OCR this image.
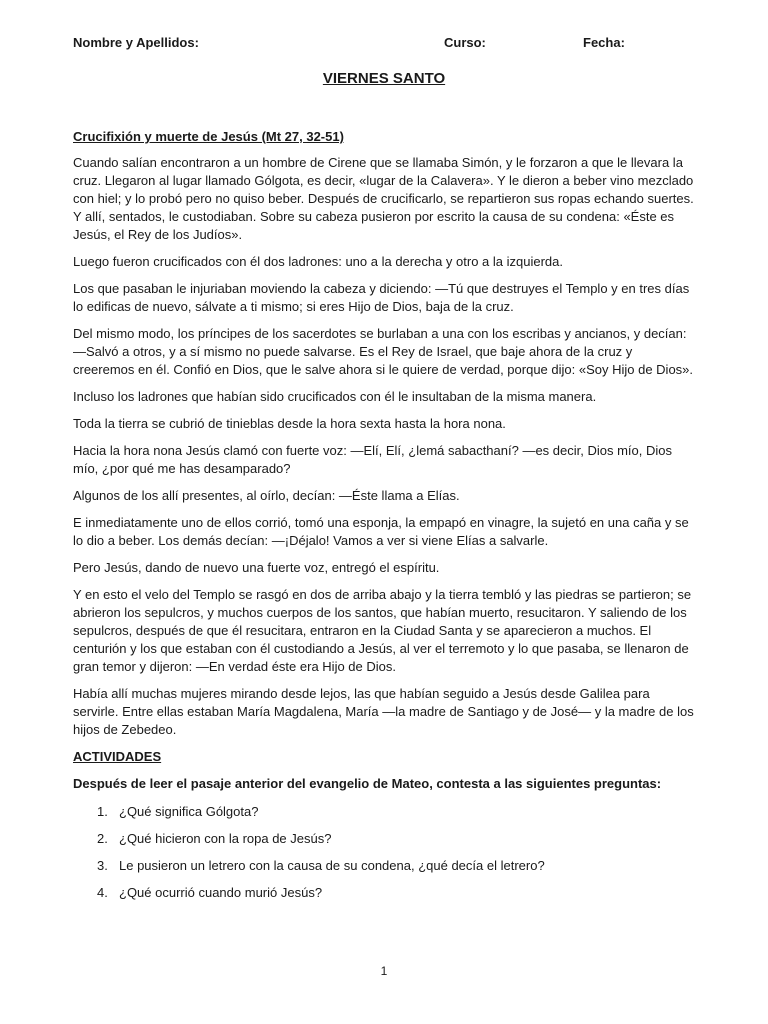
Nombre y Apellidos:	Curso:	Fecha:
VIERNES SANTO
Crucifixión y muerte de Jesús (Mt 27, 32-51)

Cuando salían encontraron a un hombre de Cirene que se llamaba Simón, y le forzaron a que le llevara la cruz. Llegaron al lugar llamado Gólgota, es decir, «lugar de la Calavera». Y le dieron a beber vino mezclado con hiel; y lo probó pero no quiso beber. Después de crucificarlo, se repartieron sus ropas echando suertes. Y allí, sentados, le custodiaban. Sobre su cabeza pusieron por escrito la causa de su condena: «Éste es Jesús, el Rey de los Judíos».

Luego fueron crucificados con él dos ladrones: uno a la derecha y otro a la izquierda.

Los que pasaban le injuriaban moviendo la cabeza y diciendo: —Tú que destruyes el Templo y en tres días lo edificas de nuevo, sálvate a ti mismo; si eres Hijo de Dios, baja de la cruz.

Del mismo modo, los príncipes de los sacerdotes se burlaban a una con los escribas y ancianos, y decían: —Salvó a otros, y a sí mismo no puede salvarse. Es el Rey de Israel, que baje ahora de la cruz y creeremos en él. Confió en Dios, que le salve ahora si le quiere de verdad, porque dijo: «Soy Hijo de Dios».

Incluso los ladrones que habían sido crucificados con él le insultaban de la misma manera.

Toda la tierra se cubrió de tinieblas desde la hora sexta hasta la hora nona.

Hacia la hora nona Jesús clamó con fuerte voz: —Elí, Elí, ¿lemá sabacthaní? —es decir, Dios mío, Dios mío, ¿por qué me has desamparado?

Algunos de los allí presentes, al oírlo, decían: —Éste llama a Elías.

E inmediatamente uno de ellos corrió, tomó una esponja, la empapó en vinagre, la sujetó en una caña y se lo dio a beber. Los demás decían: —¡Déjalo! Vamos a ver si viene Elías a salvarle.

Pero Jesús, dando de nuevo una fuerte voz, entregó el espíritu.

Y en esto el velo del Templo se rasgó en dos de arriba abajo y la tierra tembló y las piedras se partieron; se abrieron los sepulcros, y muchos cuerpos de los santos, que habían muerto, resucitaron. Y saliendo de los sepulcros, después de que él resucitara, entraron en la Ciudad Santa y se aparecieron a muchos. El centurión y los que estaban con él custodiando a Jesús, al ver el terremoto y lo que pasaba, se llenaron de gran temor y dijeron: —En verdad éste era Hijo de Dios.

Había allí muchas mujeres mirando desde lejos, las que habían seguido a Jesús desde Galilea para servirle. Entre ellas estaban María Magdalena, María —la madre de Santiago y de José— y la madre de los hijos de Zebedeo.

ACTIVIDADES
Después de leer el pasaje anterior del evangelio de Mateo, contesta a las siguientes preguntas:
1. ¿Qué significa Gólgota?
2. ¿Qué hicieron con la ropa de Jesús?
3. Le pusieron un letrero con la causa de su condena, ¿qué decía el letrero?
4. ¿Qué ocurrió cuando murió Jesús?
1
